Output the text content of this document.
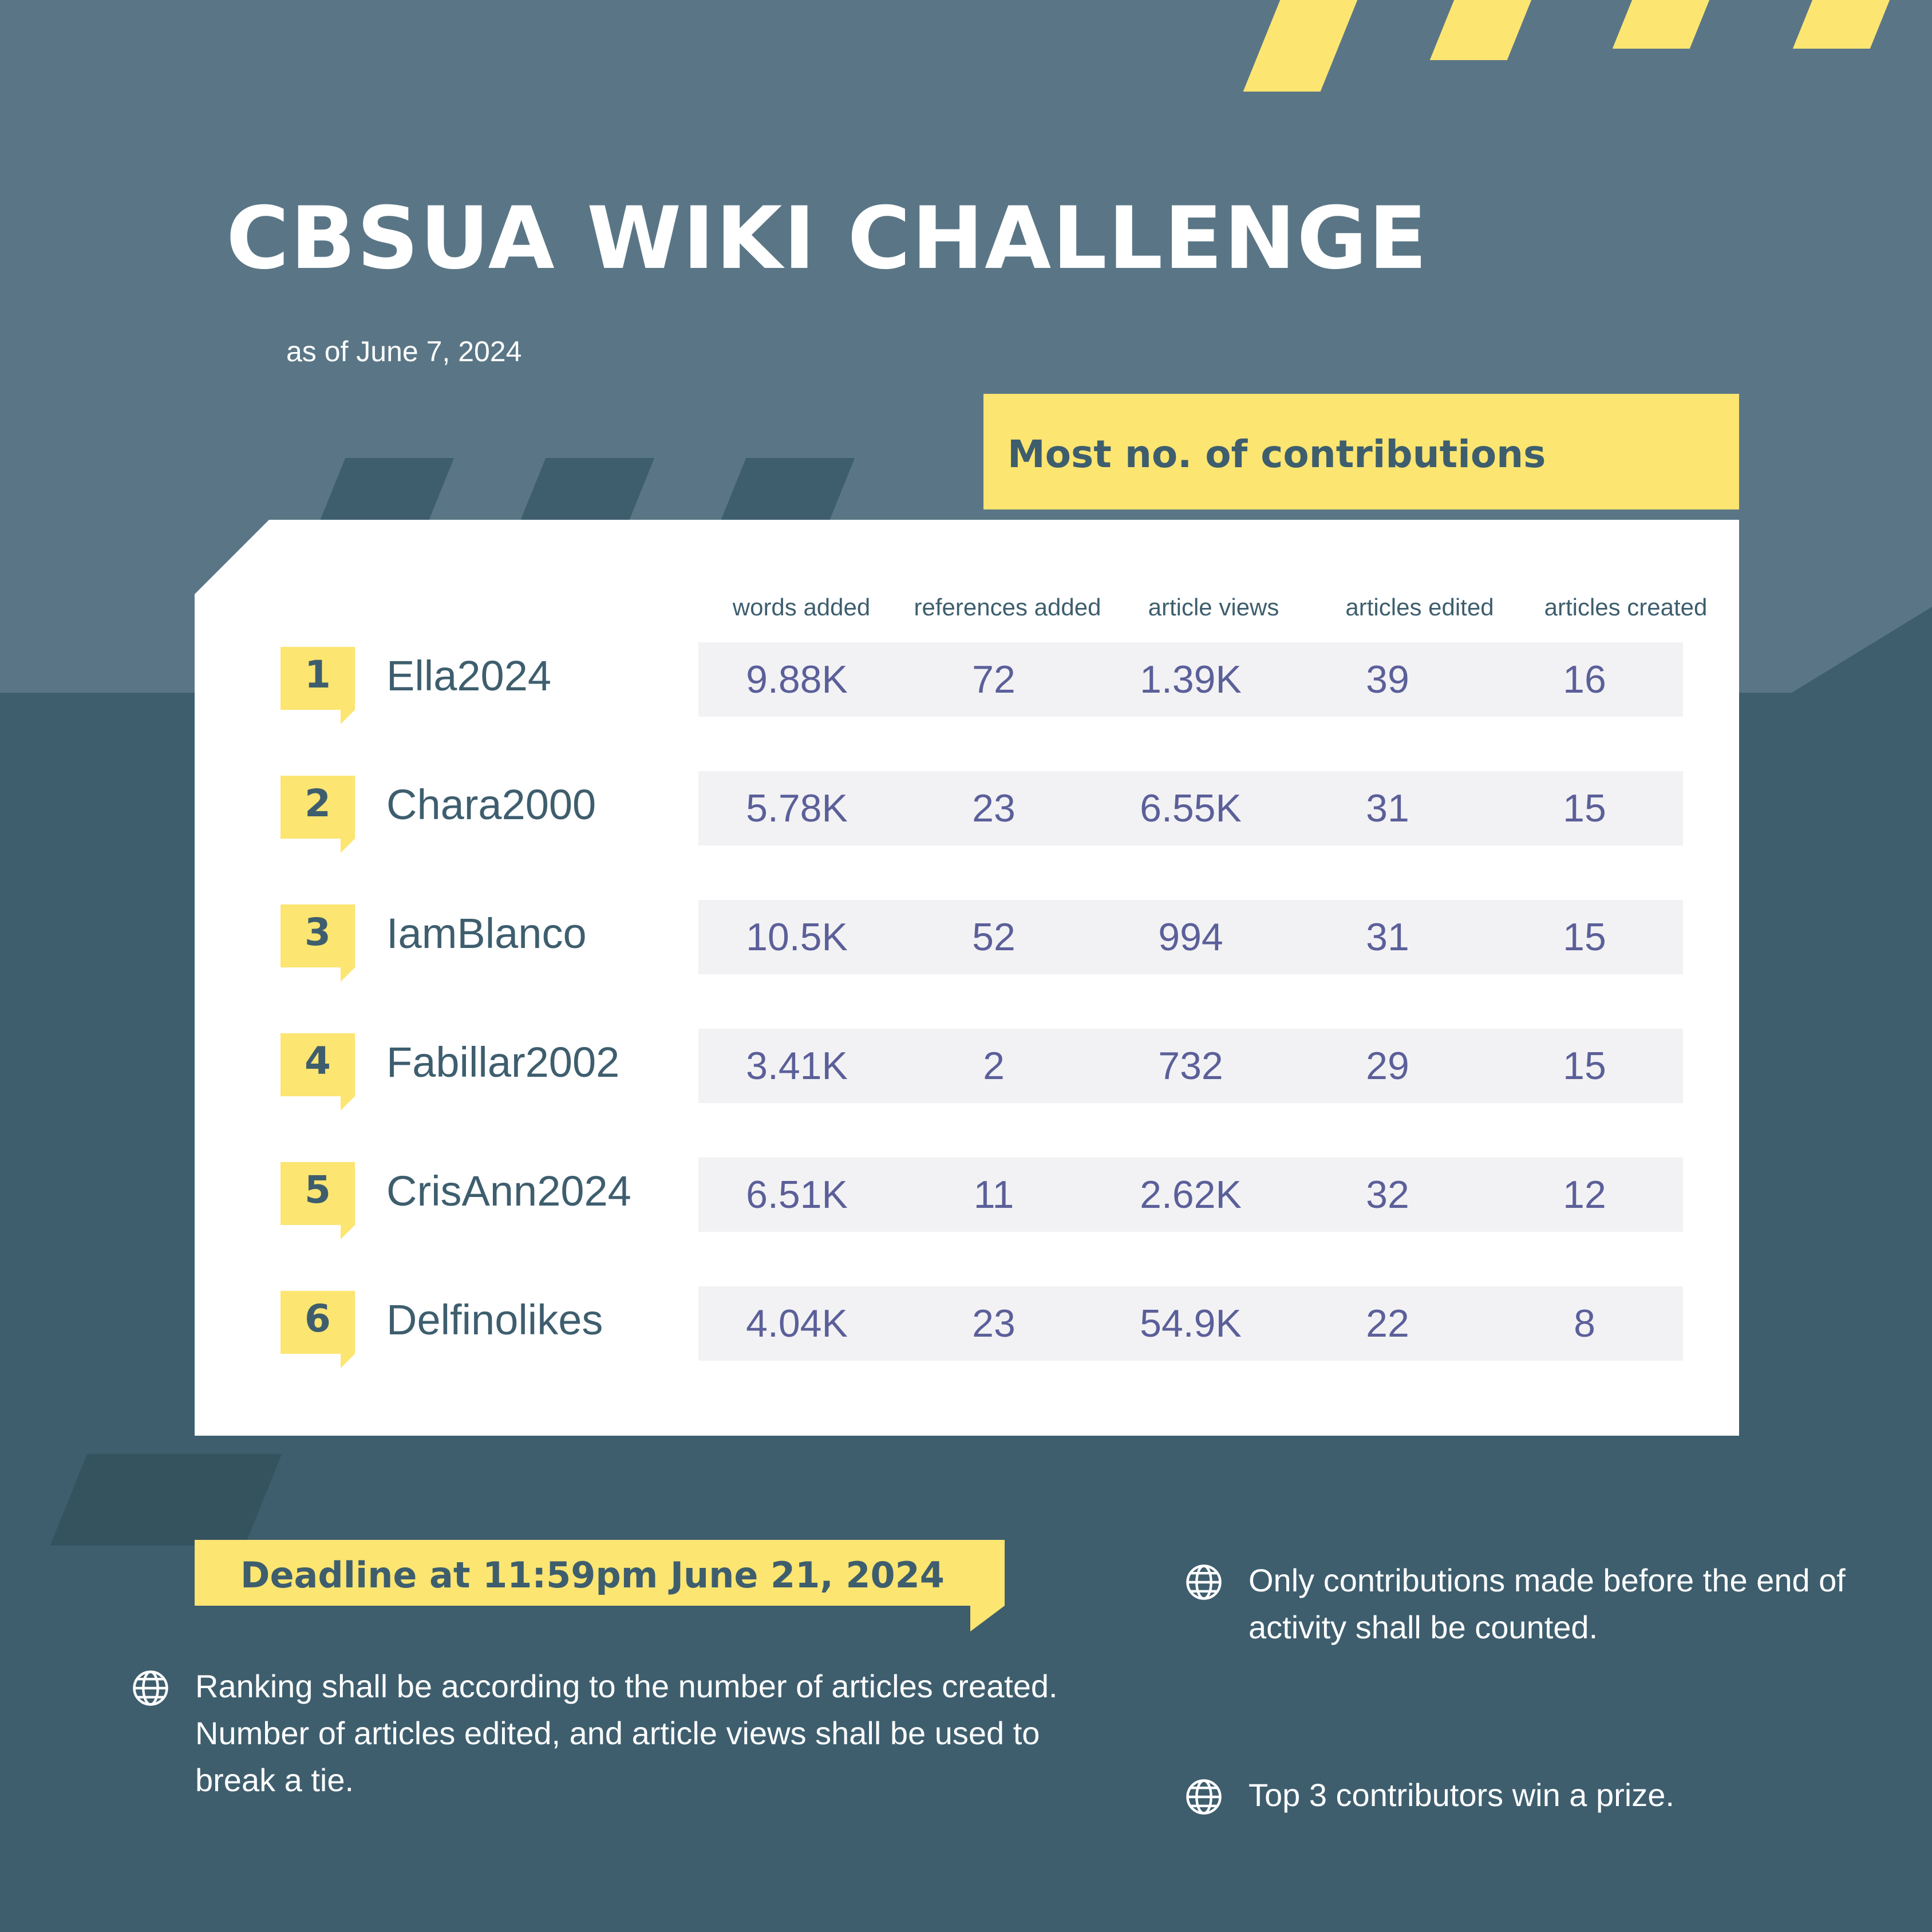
CBSUA WIKI CHALLENGE
as of June 7, 2024
Most no. of contributions
words added	references added	article views	articles edited	articles created
1	Ella2024	9.88K	72	1.39K	39	16
2	Chara2000	5.78K	23	6.55K	31	15
3	IamBlanco	10.5K	52	994	31	15
4	Fabillar2002	3.41K	2	732	29	15
5	CrisAnn2024	6.51K	11	2.62K	32	12
6	Delfinolikes	4.04K	23	54.9K	22	8
Deadline at 11:59pm June 21, 2024
Ranking shall be according to the number of articles created. Number of articles edited, and article views shall be used to break a tie.
Only contributions made before the end of activity shall be counted.
Top 3 contributors win a prize.
